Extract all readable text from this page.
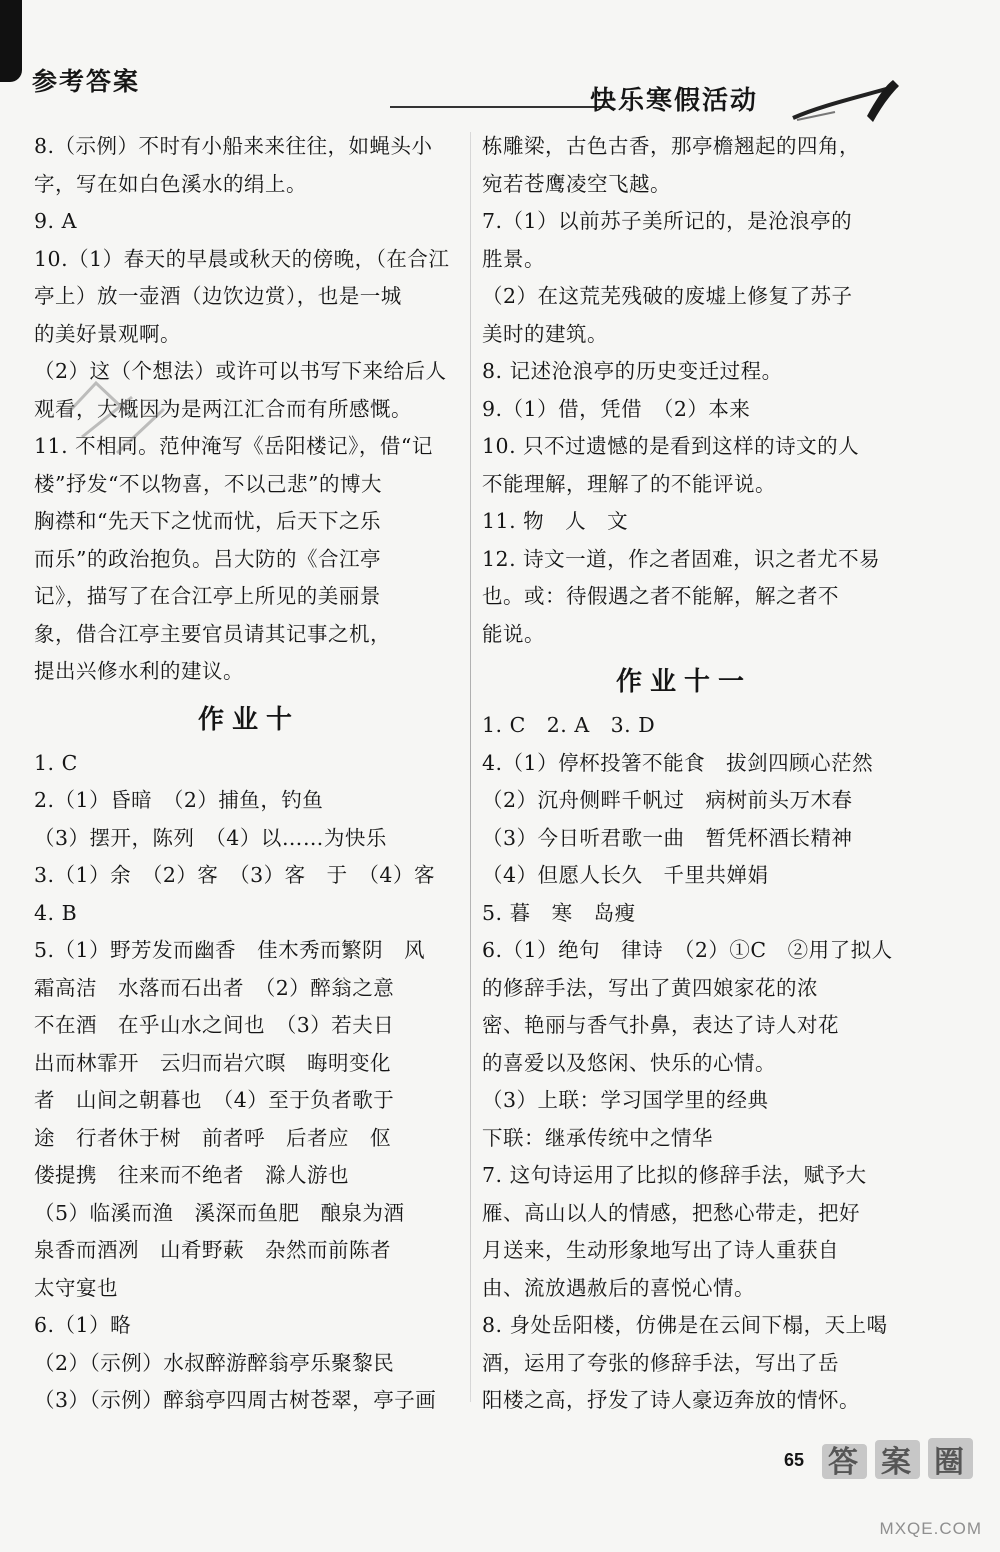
参考答案
快乐寒假活动
8.（示例）不时有小船来来往往，如蝇头小
字，写在如白色溪水的绢上。
9. A
10.（1）春天的早晨或秋天的傍晚，（在合江
亭上）放一壶酒（边饮边赏），也是一城
的美好景观啊。
（2）这（个想法）或许可以书写下来给后人
观看，大概因为是两江汇合而有所感慨。
11. 不相同。范仲淹写《岳阳楼记》，借“记
楼”抒发“不以物喜，不以己悲”的博大
胸襟和“先天下之忧而忧，后天下之乐
而乐”的政治抱负。吕大防的《合江亭
记》，描写了在合江亭上所见的美丽景
象，借合江亭主要官员请其记事之机，
提出兴修水利的建议。
作业十
1. C
2.（1）昏暗　（2）捕鱼，钓鱼
（3）摆开，陈列　（4）以……为快乐
3.（1）余　（2）客　（3）客　于　（4）客
4. B
5.（1）野芳发而幽香　佳木秀而繁阴　风
霜高洁　水落而石出者　（2）醉翁之意
不在酒　在乎山水之间也　（3）若夫日
出而林霏开　云归而岩穴暝　晦明变化
者　山间之朝暮也　（4）至于负者歌于
途　行者休于树　前者呼　后者应　伛
偻提携　往来而不绝者　滁人游也
（5）临溪而渔　溪深而鱼肥　酿泉为酒
泉香而酒冽　山肴野蔌　杂然而前陈者
太守宴也
6.（1）略
（2）（示例）水叔醉游醉翁亭乐聚黎民
（3）（示例）醉翁亭四周古树苍翠，亭子画
栋雕梁，古色古香，那亭檐翘起的四角，
宛若苍鹰凌空飞越。
7.（1）以前苏子美所记的，是沧浪亭的
胜景。
（2）在这荒芜残破的废墟上修复了苏子
美时的建筑。
8. 记述沧浪亭的历史变迁过程。
9.（1）借，凭借　（2）本来
10. 只不过遗憾的是看到这样的诗文的人
不能理解，理解了的不能评说。
11. 物　人　文
12. 诗文一道，作之者固难，识之者尤不易
也。或：待假遇之者不能解，解之者不
能说。
作业十一
1. C　2. A　3. D
4.（1）停杯投箸不能食　拔剑四顾心茫然
（2）沉舟侧畔千帆过　病树前头万木春
（3）今日听君歌一曲　暂凭杯酒长精神
（4）但愿人长久　千里共婵娟
5. 暮　寒　岛瘦
6.（1）绝句　律诗　（2）①C　②用了拟人
的修辞手法，写出了黄四娘家花的浓
密、艳丽与香气扑鼻，表达了诗人对花
的喜爱以及悠闲、快乐的心情。
（3）上联：学习国学里的经典
下联：继承传统中之情华
7. 这句诗运用了比拟的修辞手法，赋予大
雁、高山以人的情感，把愁心带走，把好
月送来，生动形象地写出了诗人重获自
由、流放遇赦后的喜悦心情。
8. 身处岳阳楼，仿佛是在云间下榻，天上喝
酒，运用了夸张的修辞手法，写出了岳
阳楼之高，抒发了诗人豪迈奔放的情怀。
65 答 案 圈
MXQE.COM
